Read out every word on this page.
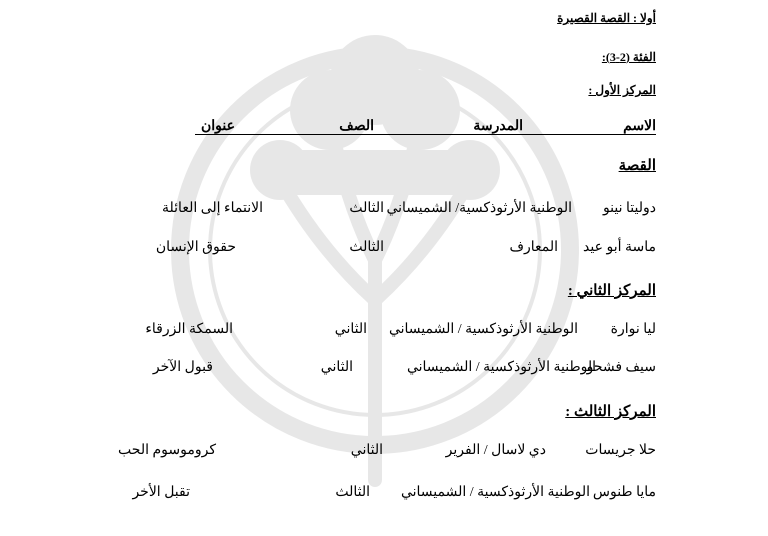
أولا : القصة القصيرة
الفئة (2-3):
المركز الأول :
الاسم
المدرسة
الصف
عنوان
القصة
دوليتا نينو
الوطنية الأرثوذكسية/ الشميساني
الثالث
الانتماء إلى العائلة
ماسة أبو عيد
المعارف
الثالث
حقوق الإنسان
المركز الثاني :
ليا نوارة
الوطنية الأرثوذكسية / الشميساني
الثاني
السمكة الزرقاء
سيف فشحو
الوطنية الأرثوذكسية / الشميساني
الثاني
قبول الآخر
المركز الثالث :
حلا جريسات
دي لاسال / الفرير
الثاني
كروموسوم الحب
مايا طنوس
الوطنية الأرثوذكسية / الشميساني
الثالث
تقبل الأخر
